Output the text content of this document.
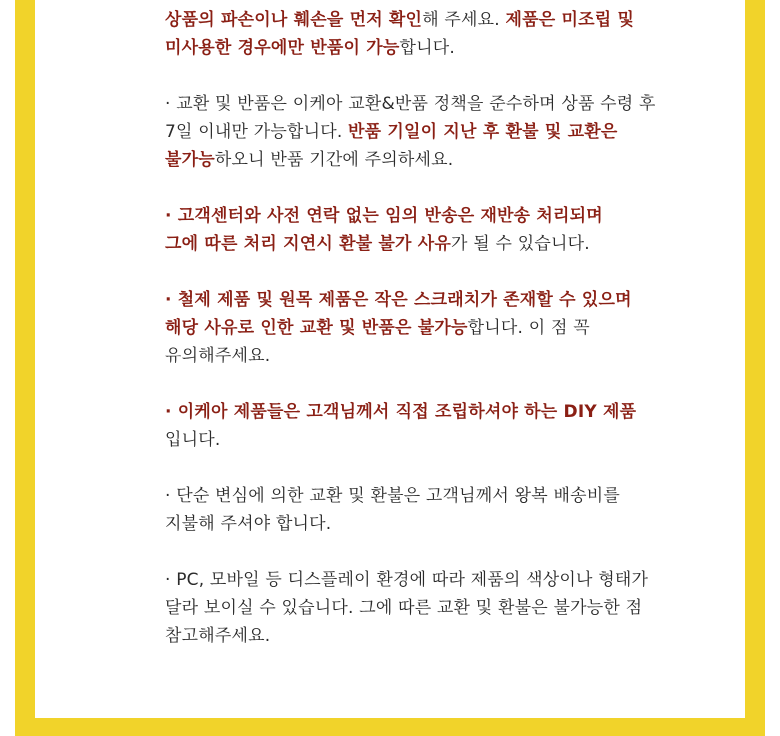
상품의 파손이나 훼손을 먼저 확인해 주세요. 제품은 미조립 및
미사용한 경우에만 반품이 가능합니다.
· 교환 및 반품은 이케아 교환&반품 정책을 준수하며 상품 수령 후
7일 이내만 가능합니다. 반품 기일이 지난 후 환불 및 교환은
불가능하오니 반품 기간에 주의하세요.
· 고객센터와 사전 연락 없는 임의 반송은 재반송 처리되며
그에 따른 처리 지연시 환불 불가 사유가 될 수 있습니다.
· 철제 제품 및 원목 제품은 작은 스크래치가 존재할 수 있으며
해당 사유로 인한 교환 및 반품은 불가능합니다. 이 점 꼭
유의해주세요.
· 이케아 제품들은 고객님께서 직접 조립하셔야 하는 DIY 제품
입니다.
· 단순 변심에 의한 교환 및 환불은 고객님께서 왕복 배송비를
지불해 주셔야 합니다.
· PC, 모바일 등 디스플레이 환경에 따라 제품의 색상이나 형태가
달라 보이실 수 있습니다. 그에 따른 교환 및 환불은 불가능한 점
참고해주세요.
